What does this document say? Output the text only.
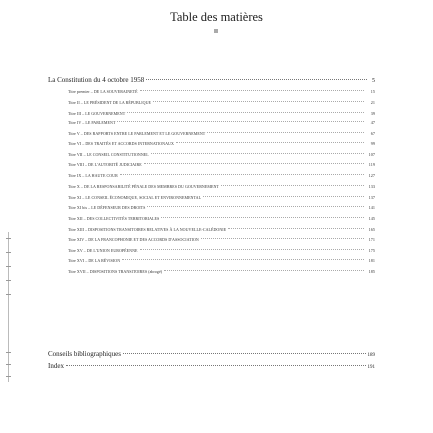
Table des matières
La Constitution du 4 octobre 1958	5
Titre premier – DE LA SOUVERAINETÉ	15
Titre II – LE PRÉSIDENT DE LA RÉPUBLIQUE	21
Titre III – LE GOUVERNEMENT	39
Titre IV – LE PARLEMENT	47
Titre V – DES RAPPORTS ENTRE LE PARLEMENT ET LE GOUVERNEMENT	67
Titre VI – DES TRAITÉS ET ACCORDS INTERNATIONAUX	99
Titre VII – LE CONSEIL CONSTITUTIONNEL	107
Titre VIII – DE L'AUTORITÉ JUDICIAIRE	119
Titre IX – LA HAUTE COUR	127
Titre X – DE LA RESPONSABILITÉ PÉNALE DES MEMBRES DU GOUVERNEMENT	133
Titre XI – LE CONSEIL ÉCONOMIQUE, SOCIAL ET ENVIRONNEMENTAL	137
Titre XI bis – LE DÉFENSEUR DES DROITS	141
Titre XII – DES COLLECTIVITÉS TERRITORIALES	145
Titre XIII – DISPOSITIONS TRANSITOIRES RELATIVES À LA NOUVELLE-CALÉDONIE	165
Titre XIV – DE LA FRANCOPHONIE ET DES ACCORDS D'ASSOCIATION	171
Titre XV – DE L'UNION EUROPÉENNE	175
Titre XVI – DE LA RÉVISION	181
Titre XVII – DISPOSITIONS TRANSITOIRES (abrogé)	185
Conseils bibliographiques	189
Index	191
